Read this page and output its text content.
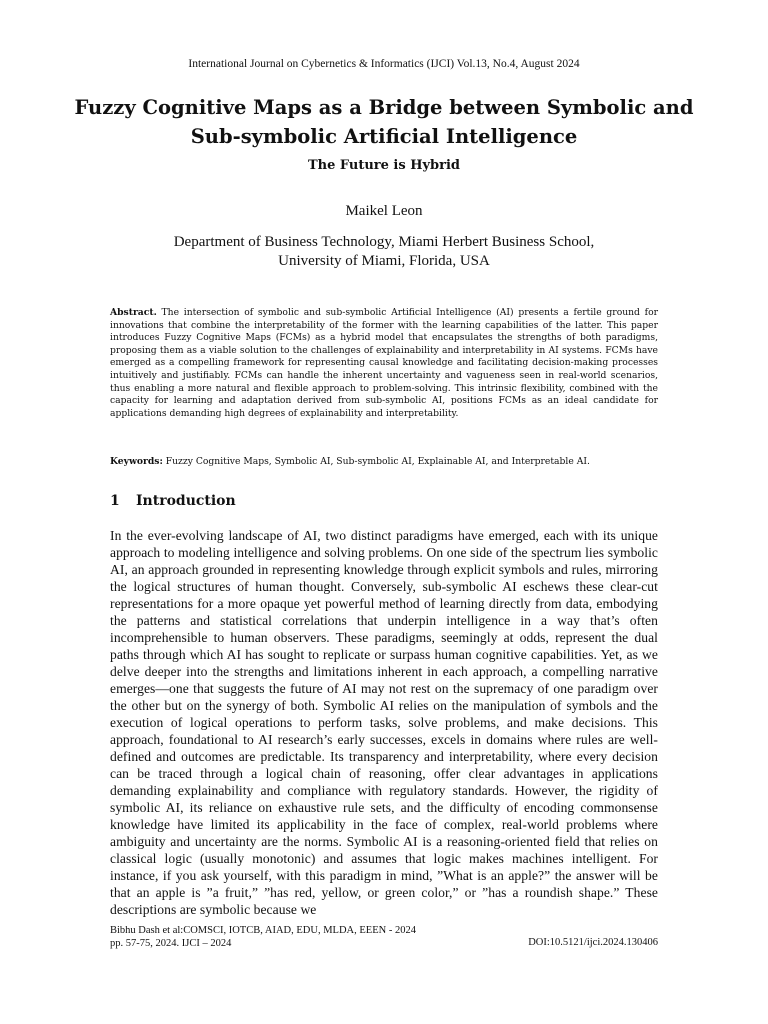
International Journal on Cybernetics & Informatics (IJCI) Vol.13, No.4, August 2024
Fuzzy Cognitive Maps as a Bridge between Symbolic and Sub-symbolic Artificial Intelligence
The Future is Hybrid
Maikel Leon
Department of Business Technology, Miami Herbert Business School,
University of Miami, Florida, USA
Abstract. The intersection of symbolic and sub-symbolic Artificial Intelligence (AI) presents a fertile ground for innovations that combine the interpretability of the former with the learning capabilities of the latter. This paper introduces Fuzzy Cognitive Maps (FCMs) as a hybrid model that encapsulates the strengths of both paradigms, proposing them as a viable solution to the challenges of explainability and interpretability in AI systems. FCMs have emerged as a compelling framework for representing causal knowledge and facilitating decision-making processes intuitively and justifiably. FCMs can handle the inherent uncertainty and vagueness seen in real-world scenarios, thus enabling a more natural and flexible approach to problem-solving. This intrinsic flexibility, combined with the capacity for learning and adaptation derived from sub-symbolic AI, positions FCMs as an ideal candidate for applications demanding high degrees of explainability and interpretability.
Keywords: Fuzzy Cognitive Maps, Symbolic AI, Sub-symbolic AI, Explainable AI, and Interpretable AI.
1 Introduction

In the ever-evolving landscape of AI, two distinct paradigms have emerged, each with its unique approach to modeling intelligence and solving problems. On one side of the spectrum lies symbolic AI, an approach grounded in representing knowledge through explicit symbols and rules, mirroring the logical structures of human thought. Conversely, sub-symbolic AI eschews these clear-cut representations for a more opaque yet powerful method of learning directly from data, embodying the patterns and statistical correlations that underpin intelligence in a way that’s often incomprehensible to human observers. These paradigms, seemingly at odds, represent the dual paths through which AI has sought to replicate or surpass human cognitive capabilities. Yet, as we delve deeper into the strengths and limitations inherent in each approach, a compelling narrative emerges—one that suggests the future of AI may not rest on the supremacy of one paradigm over the other but on the synergy of both. Symbolic AI relies on the manipulation of symbols and the execution of logical operations to perform tasks, solve problems, and make decisions. This approach, foundational to AI research’s early successes, excels in domains where rules are well-defined and outcomes are predictable. Its transparency and interpretability, where every decision can be traced through a logical chain of reasoning, offer clear advantages in applications demanding explainability and compliance with regulatory standards. However, the rigidity of symbolic AI, its reliance on exhaustive rule sets, and the difficulty of encoding commonsense knowledge have limited its applicability in the face of complex, real-world problems where ambiguity and uncertainty are the norms. Symbolic AI is a reasoning-oriented field that relies on classical logic (usually monotonic) and assumes that logic makes machines intelligent. For instance, if you ask yourself, with this paradigm in mind, ”What is an apple?” the answer will be that an apple is ”a fruit,” ”has red, yellow, or green color,” or ”has a roundish shape.” These descriptions are symbolic because we

Bibhu Dash et al:COMSCI, IOTCB, AIAD, EDU, MLDA, EEEN - 2024
pp. 57-75, 2024. IJCI – 2024	DOI:10.5121/ijci.2024.130406
